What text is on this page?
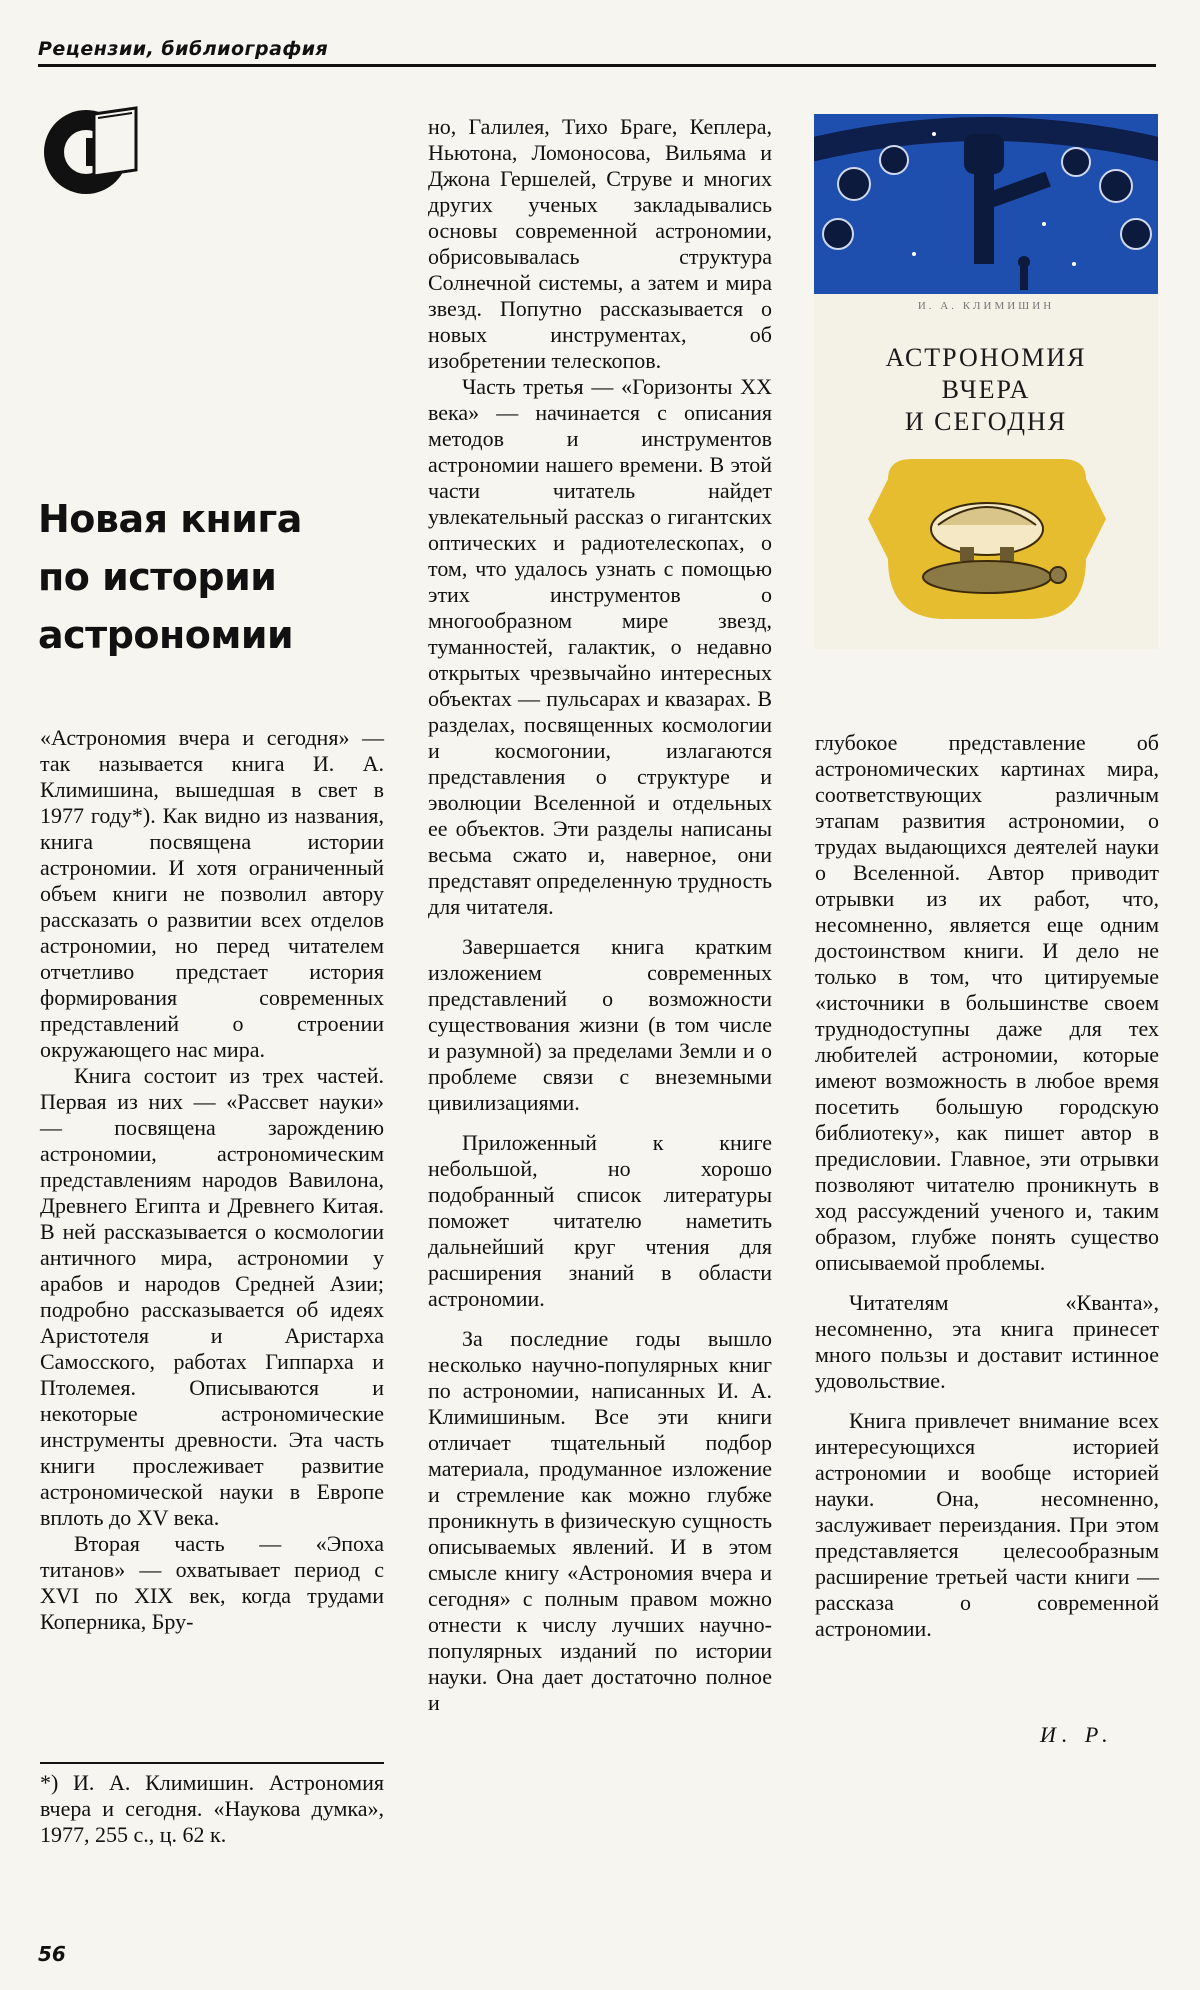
Рецензии, библиография
Новая книга
по истории
астрономии
И. А. КЛИМИШИН
АСТРОНОМИЯ
ВЧЕРА
И СЕГОДНЯ

«Астрономия вчера и сегодня» — так называется книга И. А. Климишина, вышедшая в свет в 1977 году*). Как видно из названия, книга посвящена истории астрономии. И хотя ограниченный объем книги не позволил автору рассказать о развитии всех отделов астрономии, но перед читателем отчетливо предстает история формирования современных представлений о строении окружающего нас мира.

Книга состоит из трех частей. Первая из них — «Рассвет науки» — посвящена зарождению астрономии, астрономическим представлениям народов Вавилона, Древнего Египта и Древнего Китая. В ней рассказывается о космологии античного мира, астрономии у арабов и народов Средней Азии; подробно рассказывается об идеях Аристотеля и Аристарха Самосского, работах Гиппарха и Птолемея. Описываются и некоторые астрономические инструменты древности. Эта часть книги прослеживает развитие астрономической науки в Европе вплоть до XV века.

Вторая часть — «Эпоха титанов» — охватывает период с XVI по XIX век, когда трудами Коперника, Бру-

*) И. А. Климишин. Астрономия вчера и сегодня. «Наукова думка», 1977, 255 с., ц. 62 к.

но, Галилея, Тихо Браге, Кеплера, Ньютона, Ломоносова, Вильяма и Джона Гершелей, Струве и многих других ученых закладывались основы современной астрономии, обрисовывалась структура Солнечной системы, а затем и мира звезд. Попутно рассказывается о новых инструментах, об изобретении телескопов.

Часть третья — «Горизонты XX века» — начинается с описания методов и инструментов астрономии нашего времени. В этой части читатель найдет увлекательный рассказ о гигантских оптических и радиотелескопах, о том, что удалось узнать с помощью этих инструментов о многообразном мире звезд, туманностей, галактик, о недавно открытых чрезвычайно интересных объектах — пульсарах и квазарах. В разделах, посвященных космологии и космогонии, излагаются представления о структуре и эволюции Вселенной и отдельных ее объектов. Эти разделы написаны весьма сжато и, наверное, они представят определенную трудность для читателя.

Завершается книга кратким изложением современных представлений о возможности существования жизни (в том числе и разумной) за пределами Земли и о проблеме связи с внеземными цивилизациями.

Приложенный к книге небольшой, но хорошо подобранный список литературы поможет читателю наметить дальнейший круг чтения для расширения знаний в области астрономии.

За последние годы вышло несколько научно-популярных книг по астрономии, написанных И. А. Климишиным. Все эти книги отличает тщательный подбор материала, продуманное изложение и стремление как можно глубже проникнуть в физическую сущность описываемых явлений. И в этом смысле книгу «Астрономия вчера и сегодня» с полным правом можно отнести к числу лучших научно-популярных изданий по истории науки. Она дает достаточно полное и

глубокое представление об астрономических картинах мира, соответствующих различным этапам развития астрономии, о трудах выдающихся деятелей науки о Вселенной. Автор приводит отрывки из их работ, что, несомненно, является еще одним достоинством книги. И дело не только в том, что цитируемые «источники в большинстве своем труднодоступны даже для тех любителей астрономии, которые имеют возможность в любое время посетить большую городскую библиотеку», как пишет автор в предисловии. Главное, эти отрывки позволяют читателю проникнуть в ход рассуждений ученого и, таким образом, глубже понять существо описываемой проблемы.

Читателям «Кванта», несомненно, эта книга принесет много пользы и доставит истинное удовольствие.

Книга привлечет внимание всех интересующихся историей астрономии и вообще историей науки. Она, несомненно, заслуживает переиздания. При этом представляется целесообразным расширение третьей части книги — рассказа о современной астрономии.

И. Р.
56
